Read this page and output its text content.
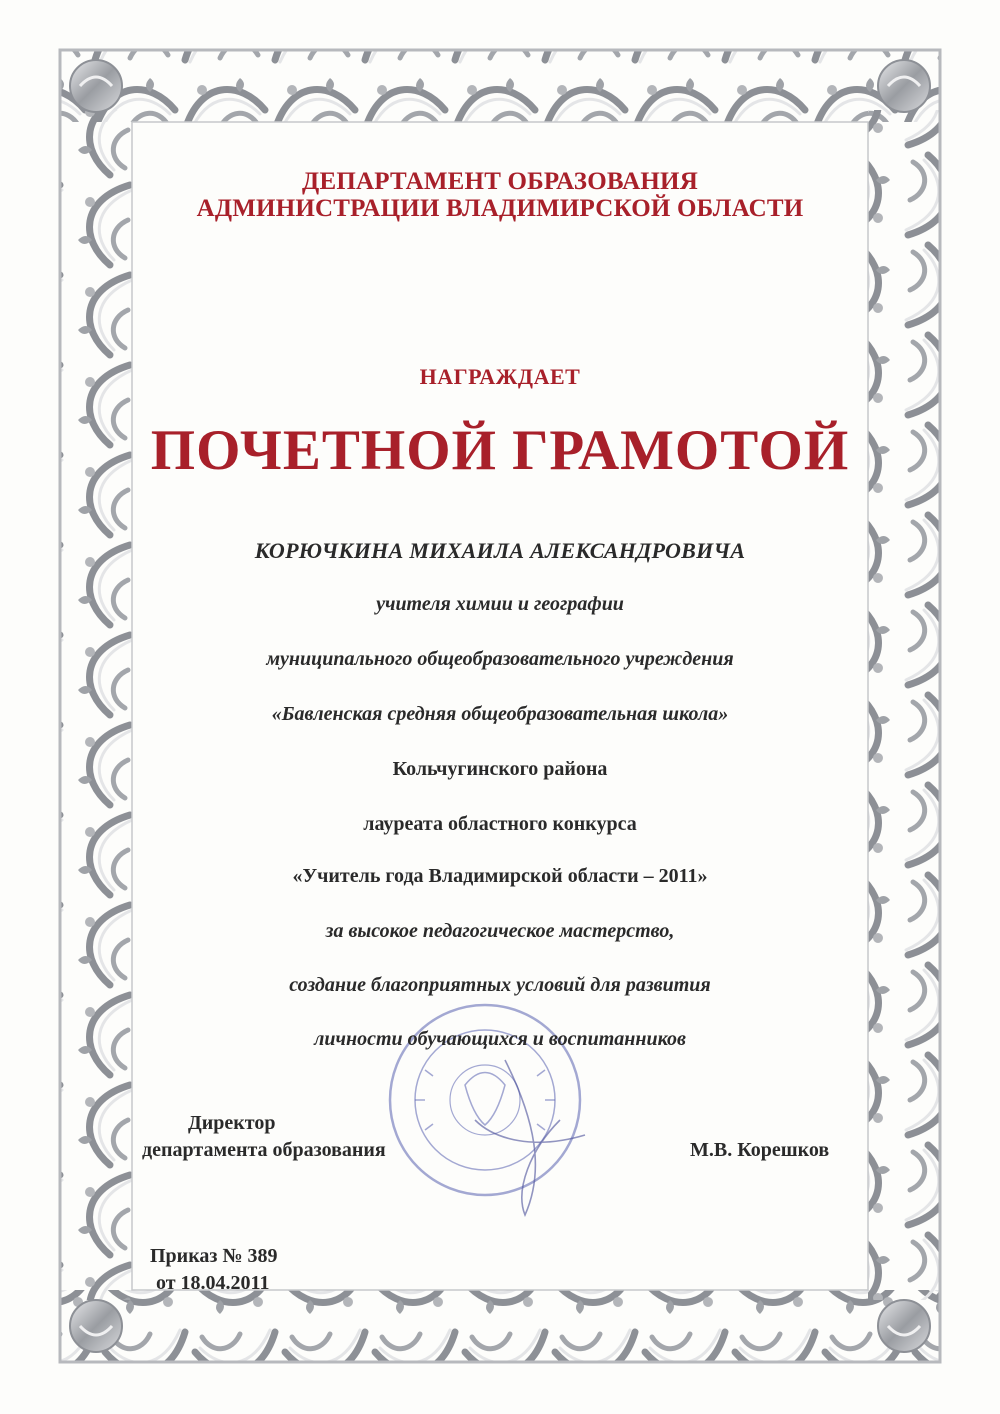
ДЕПАРТАМЕНТ ОБРАЗОВАНИЯ
АДМИНИСТРАЦИИ ВЛАДИМИРСКОЙ ОБЛАСТИ
НАГРАЖДАЕТ
ПОЧЕТНОЙ ГРАМОТОЙ
КОРЮЧКИНА МИХАИЛА АЛЕКСАНДРОВИЧА
учителя химии и географии
муниципального общеобразовательного учреждения
«Бавленская средняя общеобразовательная школа»
Кольчугинского района
лауреата областного конкурса
«Учитель года Владимирской области – 2011»
за высокое педагогическое мастерство,
создание благоприятных условий для развития
личности обучающихся и воспитанников
Директор
департамента образования	М.В. Корешков
Приказ № 389
от 18.04.2011
